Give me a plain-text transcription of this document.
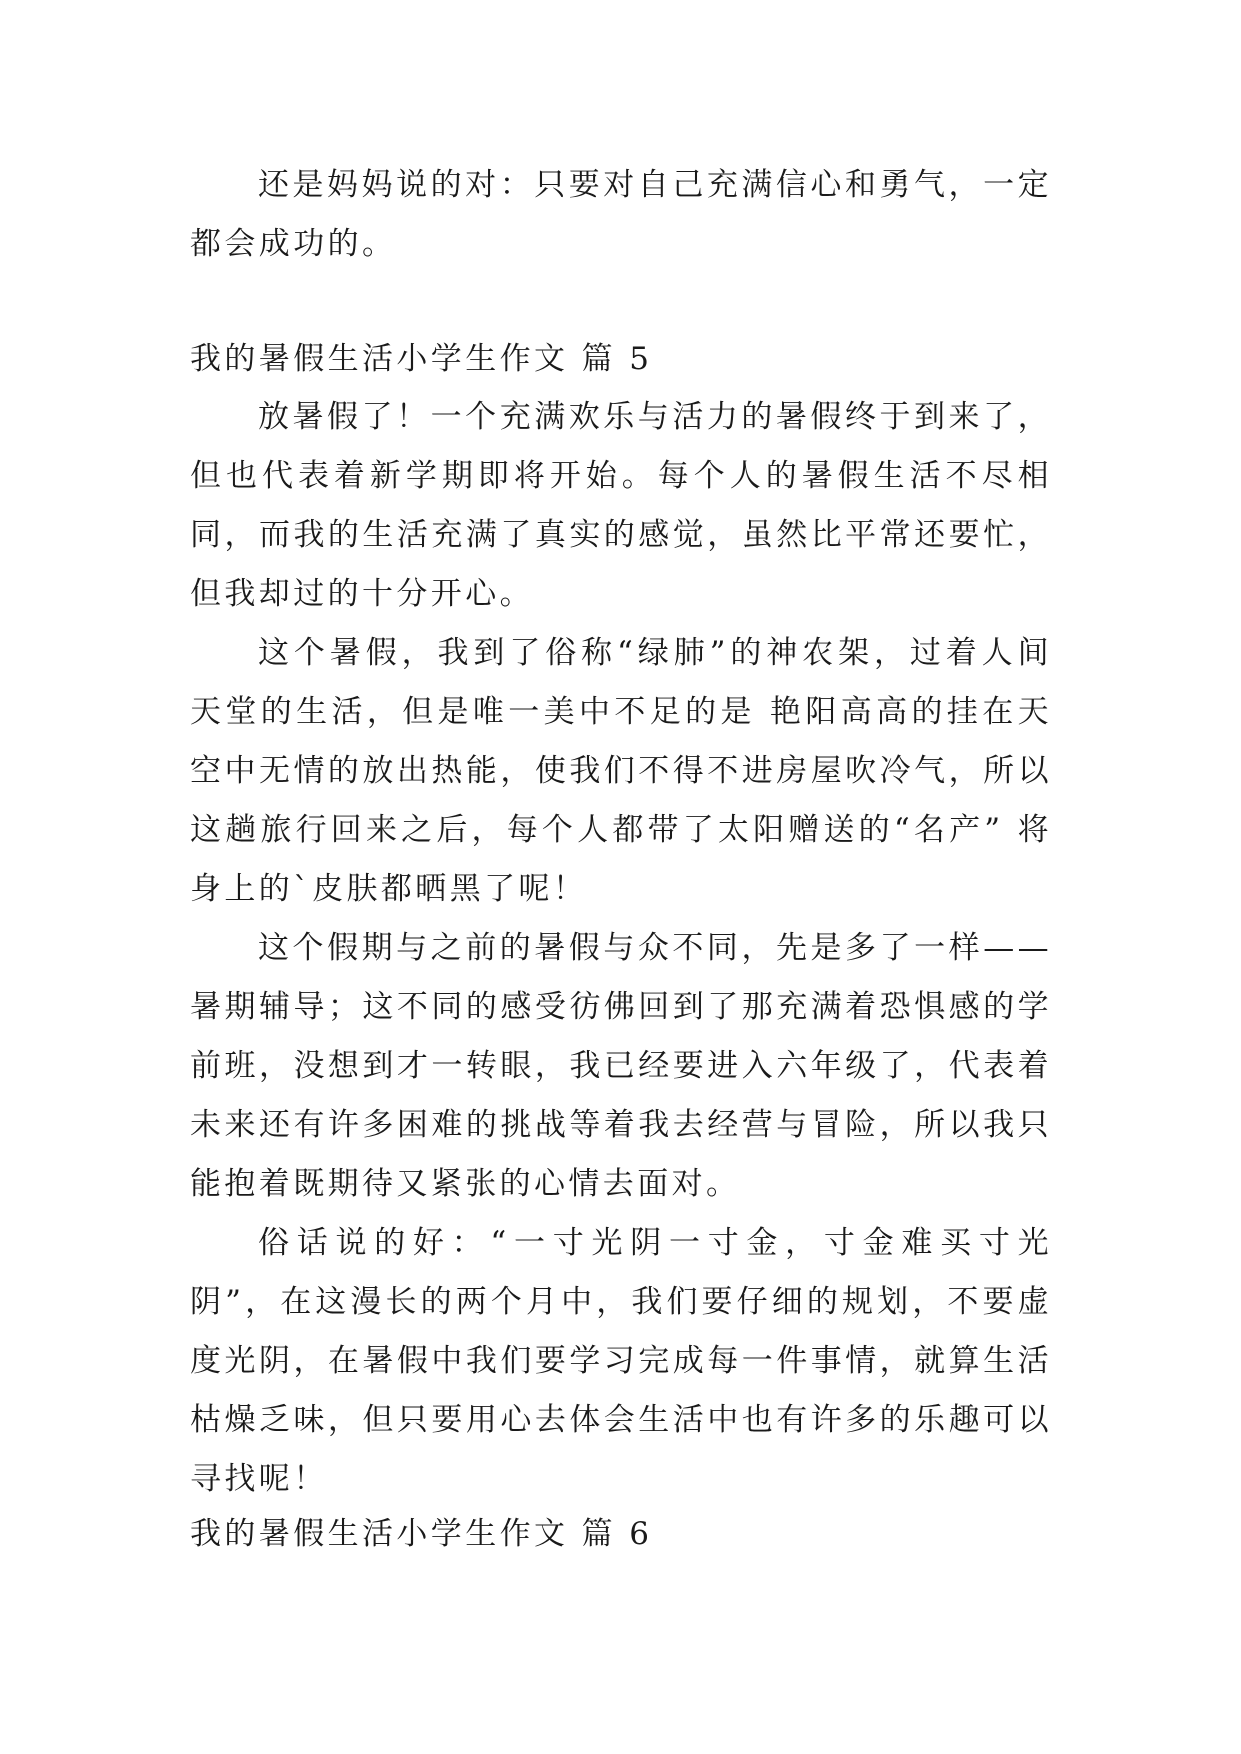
还是妈妈说的对：只要对自己充满信心和勇气，一定都会成功的。

我的暑假生活小学生作文 篇 5

放暑假了！一个充满欢乐与活力的暑假终于到来了，但也代表着新学期即将开始。每个人的暑假生活不尽相同，而我的生活充满了真实的感觉，虽然比平常还要忙，但我却过的十分开心。

这个暑假，我到了俗称“绿肺”的神农架，过着人间天堂的生活，但是唯一美中不足的是 艳阳高高的挂在天空中无情的放出热能，使我们不得不进房屋吹冷气，所以这趟旅行回来之后，每个人都带了太阳赠送的“名产” 将身上的`皮肤都晒黑了呢！

这个假期与之前的暑假与众不同，先是多了一样——暑期辅导；这不同的感受彷佛回到了那充满着恐惧感的学前班，没想到才一转眼，我已经要进入六年级了，代表着未来还有许多困难的挑战等着我去经营与冒险，所以我只能抱着既期待又紧张的心情去面对。

俗话说的好：“一寸光阴一寸金，寸金难买寸光阴”，在这漫长的两个月中，我们要仔细的规划，不要虚度光阴，在暑假中我们要学习完成每一件事情，就算生活枯燥乏味，但只要用心去体会生活中也有许多的乐趣可以寻找呢！

我的暑假生活小学生作文 篇 6
